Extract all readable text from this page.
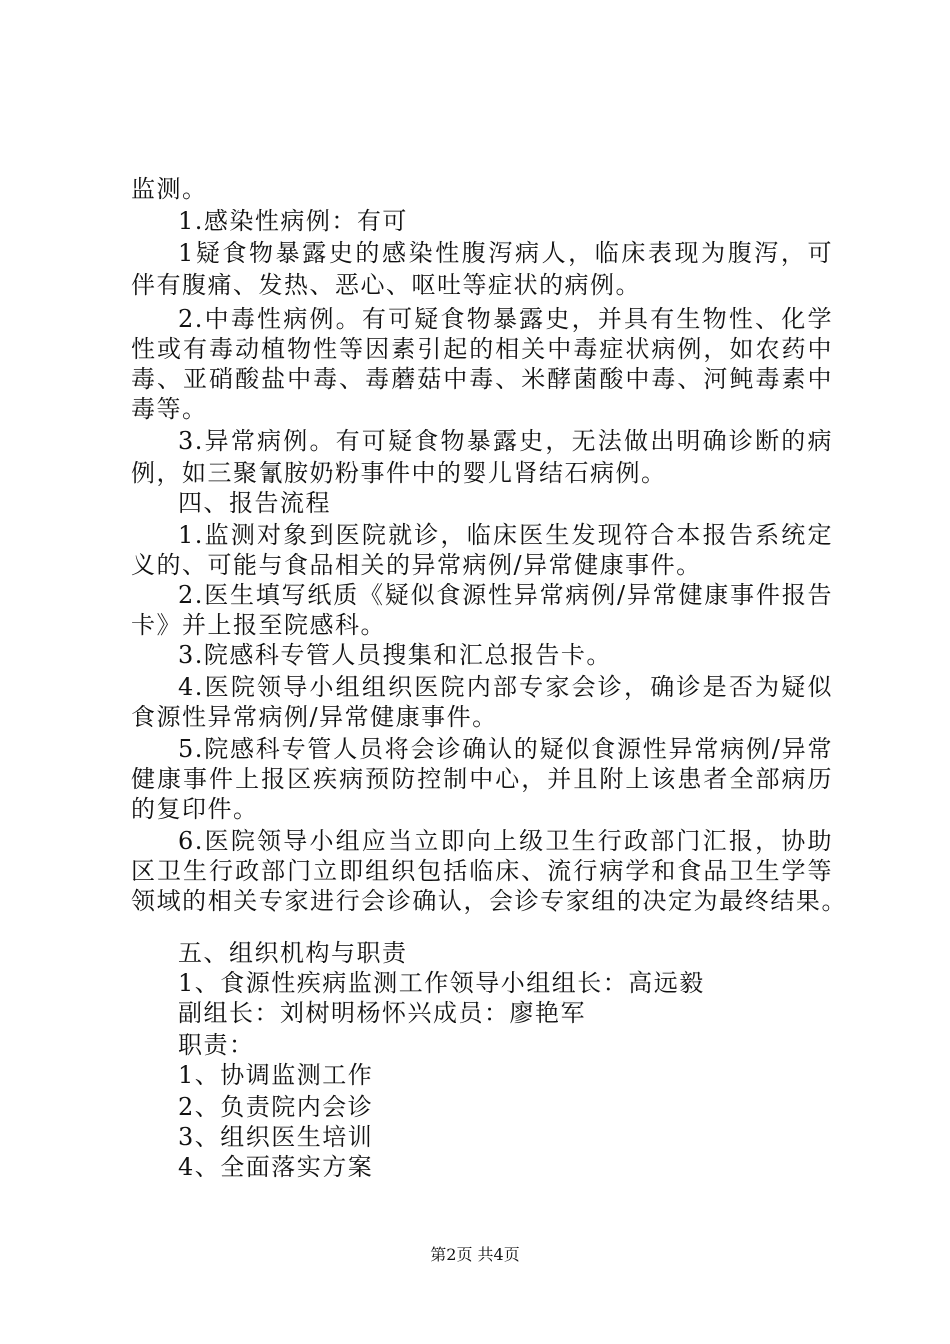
监测。
1.感染性病例：有可
1疑食物暴露史的感染性腹泻病人，临床表现为腹泻，可
伴有腹痛、发热、恶心、呕吐等症状的病例。
2.中毒性病例。有可疑食物暴露史，并具有生物性、化学
性或有毒动植物性等因素引起的相关中毒症状病例，如农药中
毒、亚硝酸盐中毒、毒蘑菇中毒、米酵菌酸中毒、河鲀毒素中
毒等。
3.异常病例。有可疑食物暴露史，无法做出明确诊断的病
例，如三聚氰胺奶粉事件中的婴儿肾结石病例。
四、报告流程
1.监测对象到医院就诊，临床医生发现符合本报告系统定
义的、可能与食品相关的异常病例/异常健康事件。
2.医生填写纸质《疑似食源性异常病例/异常健康事件报告
卡》并上报至院感科。
3.院感科专管人员搜集和汇总报告卡。
4.医院领导小组组织医院内部专家会诊，确诊是否为疑似
食源性异常病例/异常健康事件。
5.院感科专管人员将会诊确认的疑似食源性异常病例/异常
健康事件上报区疾病预防控制中心，并且附上该患者全部病历
的复印件。
6.医院领导小组应当立即向上级卫生行政部门汇报，协助
区卫生行政部门立即组织包括临床、流行病学和食品卫生学等
领域的相关专家进行会诊确认，会诊专家组的决定为最终结果。
五、组织机构与职责
1、食源性疾病监测工作领导小组组长：高远毅
副组长：刘树明杨怀兴成员：廖艳军
职责：
1、协调监测工作
2、负责院内会诊
3、组织医生培训
4、全面落实方案
第2页 共4页
